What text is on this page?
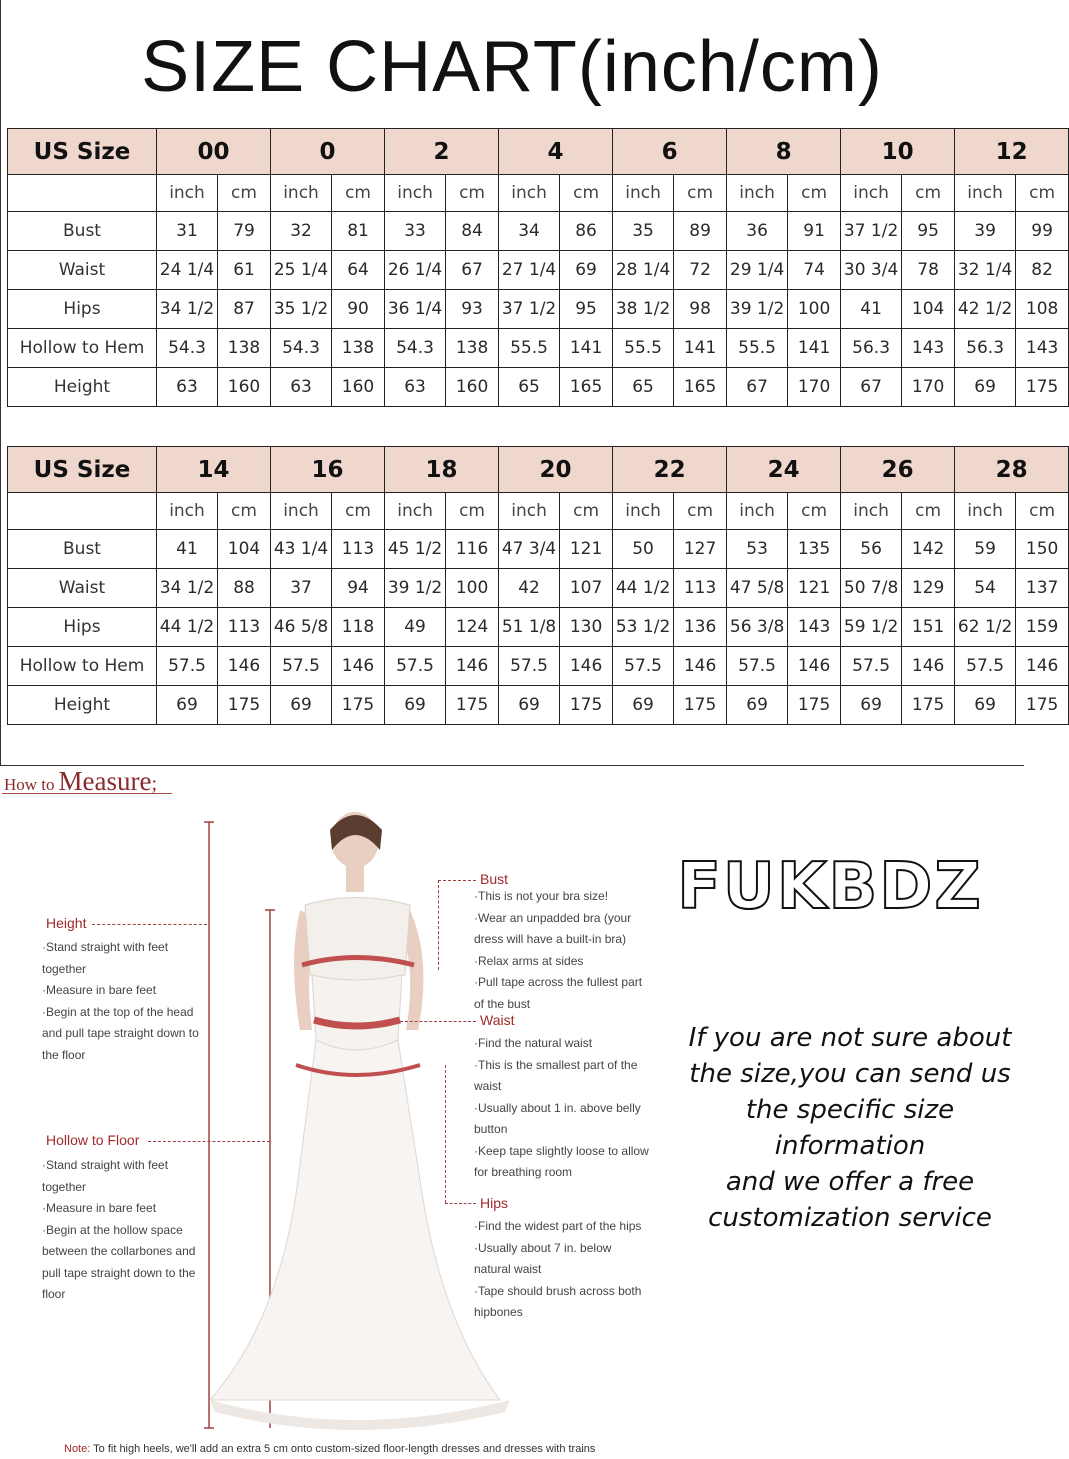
SIZE CHART(inch/cm)
US Size	00		0		2		4		6		8		10		12	
	inch	cm	inch	cm	inch	cm	inch	cm	inch	cm	inch	cm	inch	cm	inch	cm
Bust	31	79	32	81	33	84	34	86	35	89	36	91	37 1/2	95	39	99
Waist	24 1/4	61	25 1/4	64	26 1/4	67	27 1/4	69	28 1/4	72	29 1/4	74	30 3/4	78	32 1/4	82
Hips	34 1/2	87	35 1/2	90	36 1/4	93	37 1/2	95	38 1/2	98	39 1/2	100	41	104	42 1/2	108
Hollow to Hem	54.3	138	54.3	138	54.3	138	55.5	141	55.5	141	55.5	141	56.3	143	56.3	143
Height	63	160	63	160	63	160	65	165	65	165	67	170	67	170	69	175
US Size	14		16		18		20		22		24		26		28	
	inch	cm	inch	cm	inch	cm	inch	cm	inch	cm	inch	cm	inch	cm	inch	cm
Bust	41	104	43 1/4	113	45 1/2	116	47 3/4	121	50	127	53	135	56	142	59	150
Waist	34 1/2	88	37	94	39 1/2	100	42	107	44 1/2	113	47 5/8	121	50 7/8	129	54	137
Hips	44 1/2	113	46 5/8	118	49	124	51 1/8	130	53 1/2	136	56 3/8	143	59 1/2	151	62 1/2	159
Hollow to Hem	57.5	146	57.5	146	57.5	146	57.5	146	57.5	146	57.5	146	57.5	146	57.5	146
Height	69	175	69	175	69	175	69	175	69	175	69	175	69	175	69	175
How to Measure;
Height
·Stand straight with feet together
·Measure in bare feet
·Begin at the top of the head and pull tape straight down to the floor
Hollow to Floor
·Stand straight with feet together
·Measure in bare feet
·Begin at the hollow space between the collarbones and pull tape straight down to the floor
Bust
·This is not your bra size!
·Wear an unpadded bra (your dress will have a built-in bra)
·Relax arms at sides
·Pull tape across the fullest part of the bust
Waist
·Find the natural waist
·This is the smallest part of the waist
·Usually about 1 in. above belly button
·Keep tape slightly loose to allow for breathing room
Hips
·Find the widest part of the hips
·Usually about 7 in. below natural waist
·Tape should brush across both hipbones
FUKBDZ
If you are not sure about
the size,you can send us
the specific size
information
and we offer a free
customization service
Note: To fit high heels, we'll add an extra 5 cm onto custom-sized floor-length dresses and dresses with trains
